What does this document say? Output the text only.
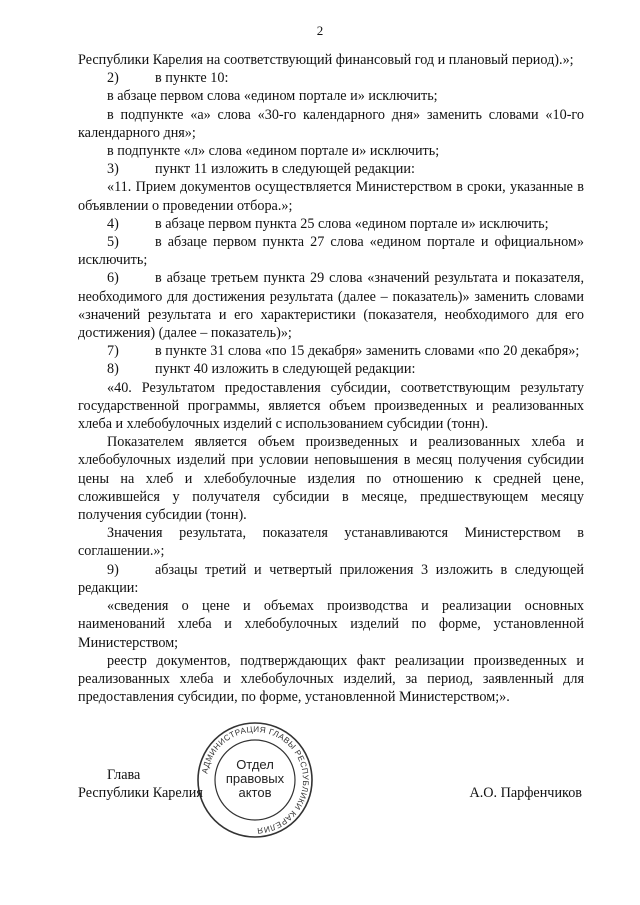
2

Республики Карелия на соответствующий финансовый год и плановый период).»;

2)	в пункте 10:

в абзаце первом слова «едином портале и» исключить;

в подпункте «а» слова «30-го календарного дня» заменить словами «10-го календарного дня»;

в подпункте «л» слова «едином портале и» исключить;

3)	пункт 11 изложить в следующей редакции:

«11. Прием документов осуществляется Министерством в сроки, указанные в объявлении о проведении отбора.»;

4)	в абзаце первом пункта 25 слова «едином портале и» исключить;

5)	в абзаце первом пункта 27 слова «едином портале и официальном» исключить;

6)	в абзаце третьем пункта 29 слова «значений результата и показателя, необходимого для достижения результата (далее – показатель)» заменить словами «значений результата и его характеристики (показателя, необходимого для его достижения) (далее – показатель)»;

7)	в пункте 31 слова «по 15 декабря» заменить словами «по 20 декабря»;

8)	пункт 40 изложить в следующей редакции:

«40. Результатом предоставления субсидии, соответствующим результату государственной программы, является объем произведенных и реализованных хлеба и хлебобулочных изделий с использованием субсидии (тонн).

Показателем является объем произведенных и реализованных хлеба и хлебобулочных изделий при условии неповышения в месяц получения субсидии цены на хлеб и хлебобулочные изделия по отношению к средней цене, сложившейся у получателя субсидии в месяце, предшествующем месяцу получения субсидии (тонн).

Значения результата, показателя устанавливаются Министерством в соглашении.»;

9)	абзацы третий и четвертый приложения 3 изложить в следующей редакции:

«сведения о цене и объемах производства и реализации основных наименований хлеба и хлебобулочных изделий по форме, установленной Министерством;

реестр документов, подтверждающих факт реализации произведенных и реализованных хлеба и хлебобулочных изделий, за период, заявленный для предоставления субсидии, по форме, установленной Министерством;».

АДМИНИСТРАЦИЯ ГЛАВЫ РЕСПУБЛИКИ КАРЕЛИЯ
Отдел
правовых
актов
Глава
Республики Карелия	А.О. Парфенчиков
